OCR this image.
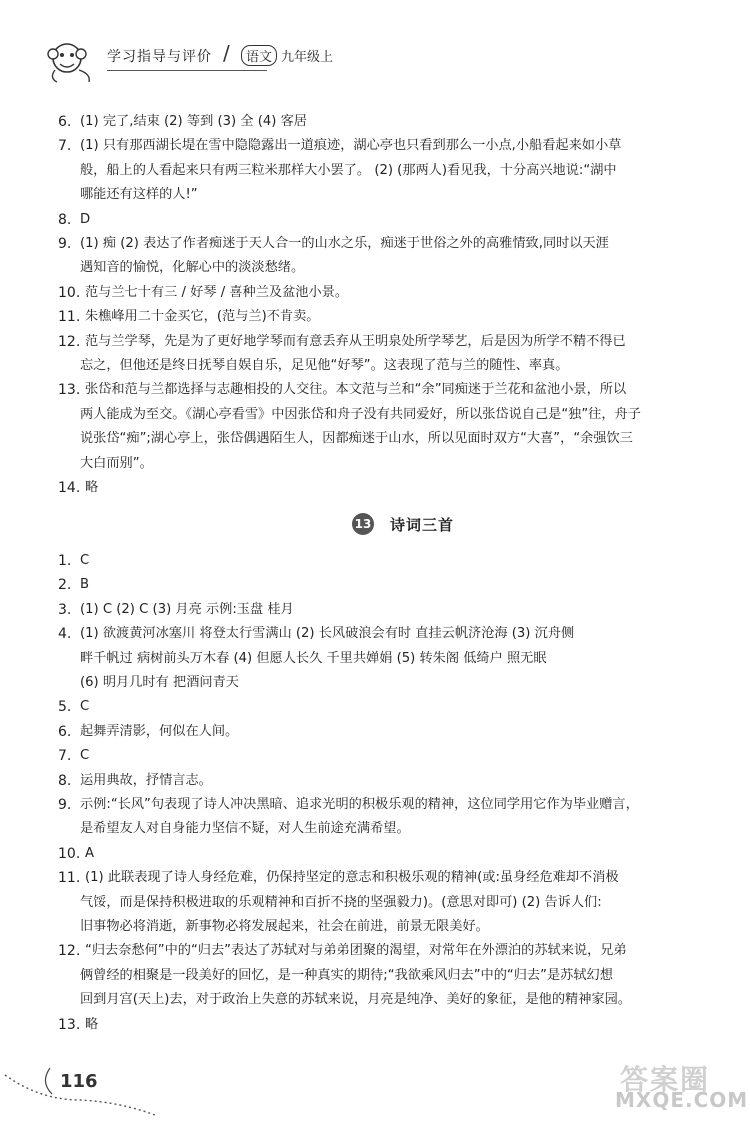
学习指导与评价 /	语文 九年级上
6. (1) 完了,结束 (2) 等到 (3) 全 (4) 客居
7. (1) 只有那西湖长堤在雪中隐隐露出一道痕迹，湖心亭也只看到那么一小点,小船看起来如小草
般，船上的人看起来只有两三粒米那样大小罢了。 (2) (那两人)看见我，十分高兴地说:“湖中
哪能还有这样的人!”
8. D
9. (1) 痴 (2) 表达了作者痴迷于天人合一的山水之乐，痴迷于世俗之外的高雅情致,同时以天涯
遇知音的愉悦，化解心中的淡淡愁绪。
10. 范与兰七十有三 / 好琴 / 喜种兰及盆池小景。
11. 朱樵峰用二十金买它，(范与兰)不肯卖。
12. 范与兰学琴，先是为了更好地学琴而有意丢弃从王明泉处所学琴艺，后是因为所学不精不得已
忘之，但他还是终日抚琴自娱自乐，足见他“好琴”。这表现了范与兰的随性、率真。
13. 张岱和范与兰都选择与志趣相投的人交往。本文范与兰和“余”同痴迷于兰花和盆池小景，所以
两人能成为至交。《湖心亭看雪》中因张岱和舟子没有共同爱好，所以张岱说自己是“独”往，舟子
说张岱“痴”;湖心亭上，张岱偶遇陌生人，因都痴迷于山水，所以见面时双方“大喜”，“余强饮三
大白而别”。
14. 略
13 诗词三首
1. C
2. B
3. (1) C (2) C (3) 月亮 示例:玉盘 桂月
4. (1) 欲渡黄河冰塞川 将登太行雪满山 (2) 长风破浪会有时 直挂云帆济沧海 (3) 沉舟侧
畔千帆过 病树前头万木春 (4) 但愿人长久 千里共婵娟 (5) 转朱阁 低绮户 照无眠
(6) 明月几时有 把酒问青天
5. C
6. 起舞弄清影，何似在人间。
7. C
8. 运用典故，抒情言志。
9. 示例:“长风”句表现了诗人冲决黑暗、追求光明的积极乐观的精神，这位同学用它作为毕业赠言，
是希望友人对自身能力坚信不疑，对人生前途充满希望。
10. A
11. (1) 此联表现了诗人身经危难，仍保持坚定的意志和积极乐观的精神(或:虽身经危难却不消极
气馁，而是保持积极进取的乐观精神和百折不挠的坚强毅力)。(意思对即可) (2) 告诉人们:
旧事物必将消逝，新事物必将发展起来，社会在前进，前景无限美好。
12. “归去奈愁何”中的“归去”表达了苏轼对与弟弟团聚的渴望，对常年在外漂泊的苏轼来说，兄弟
俩曾经的相聚是一段美好的回忆，是一种真实的期待;“我欲乘风归去”中的“归去”是苏轼幻想
回到月宫(天上)去，对于政治上失意的苏轼来说，月亮是纯净、美好的象征，是他的精神家园。
13. 略
116	答案圈
MXQE.COM
